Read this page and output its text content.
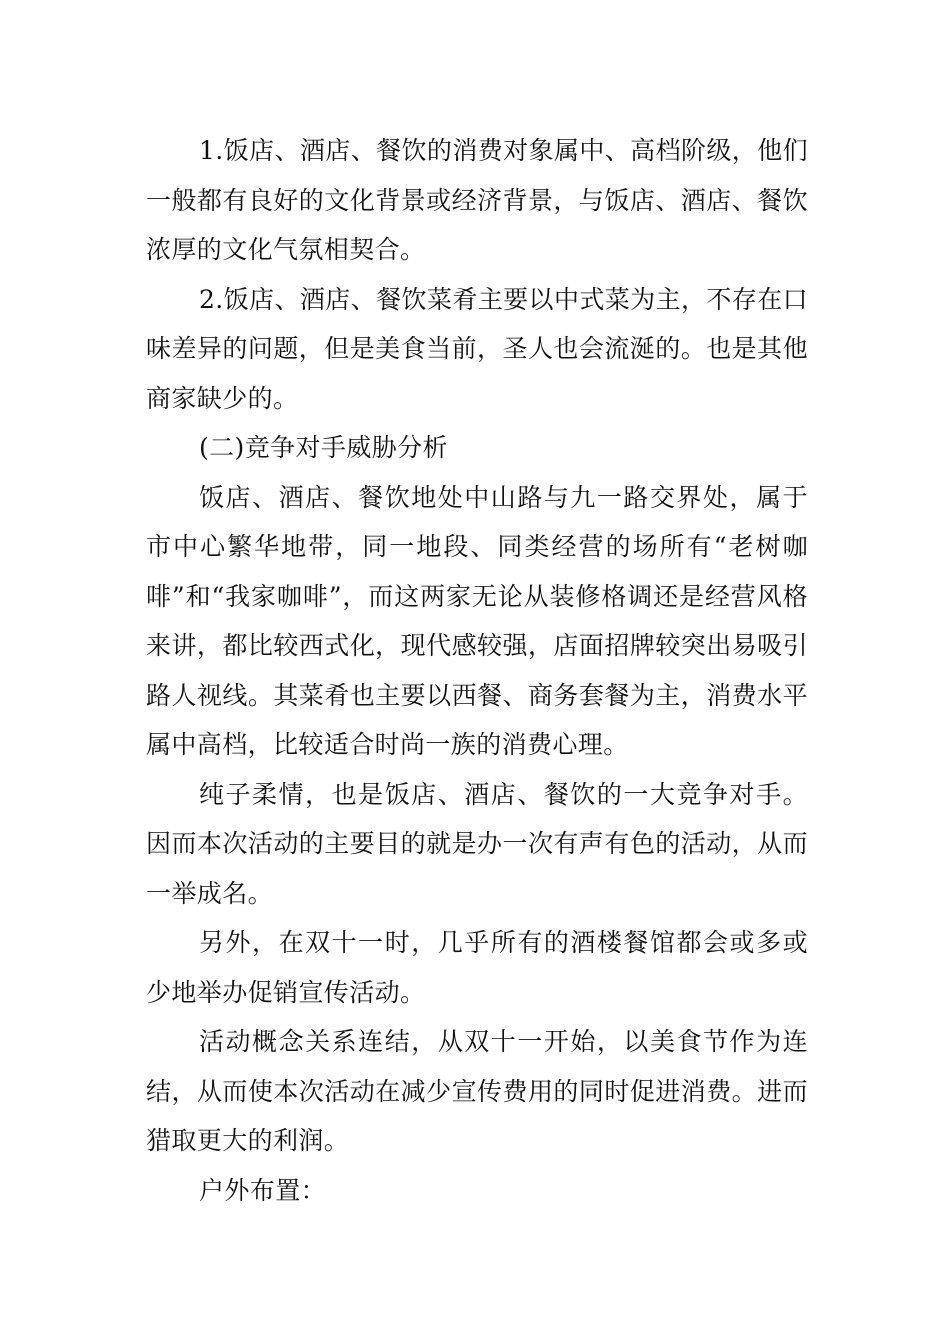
1.饭店、酒店、餐饮的消费对象属中、高档阶级，他们一般都有良好的文化背景或经济背景，与饭店、酒店、餐饮浓厚的文化气氛相契合。

2.饭店、酒店、餐饮菜肴主要以中式菜为主，不存在口味差异的问题，但是美食当前，圣人也会流涎的。也是其他商家缺少的。

(二)竞争对手威胁分析

饭店、酒店、餐饮地处中山路与九一路交界处，属于市中心繁华地带，同一地段、同类经营的场所有“老树咖啡”和“我家咖啡”，而这两家无论从装修格调还是经营风格来讲，都比较西式化，现代感较强，店面招牌较突出易吸引路人视线。其菜肴也主要以西餐、商务套餐为主，消费水平属中高档，比较适合时尚一族的消费心理。

纯子柔情，也是饭店、酒店、餐饮的一大竞争对手。因而本次活动的主要目的就是办一次有声有色的活动，从而一举成名。

另外，在双十一时，几乎所有的酒楼餐馆都会或多或少地举办促销宣传活动。

活动概念关系连结，从双十一开始，以美食节作为连结，从而使本次活动在减少宣传费用的同时促进消费。进而猎取更大的利润。

户外布置：
